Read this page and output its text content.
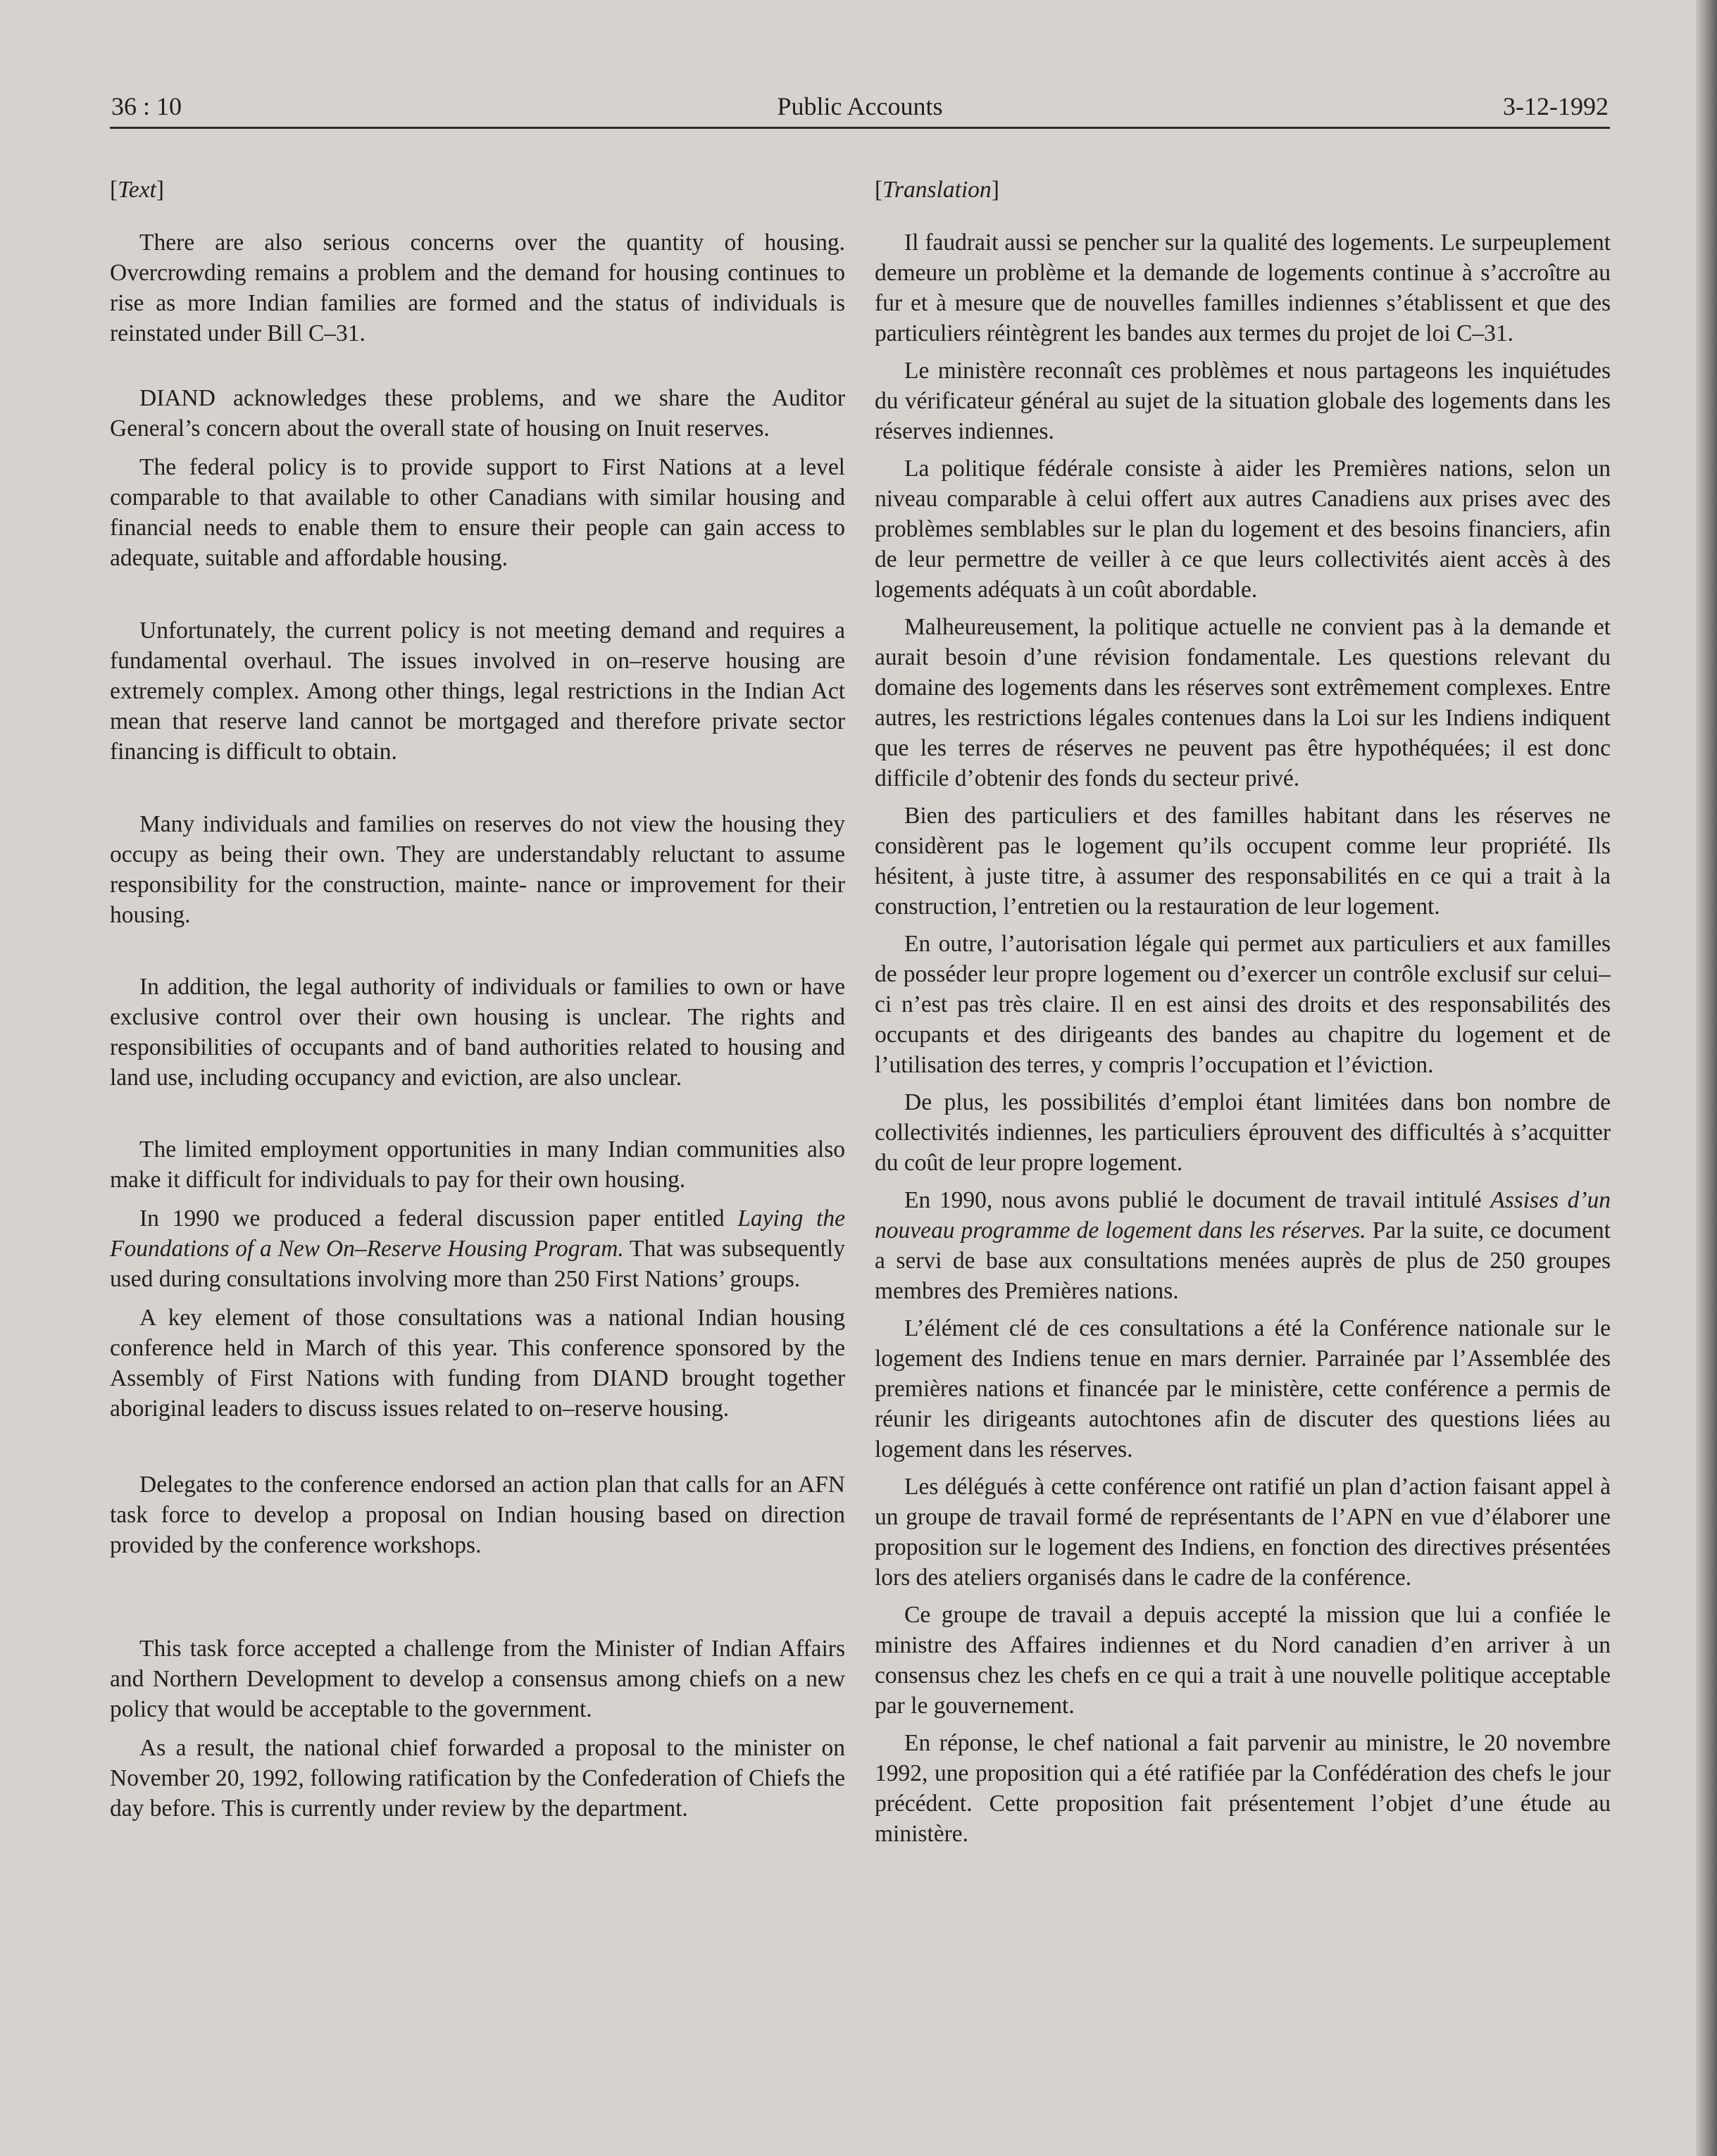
36 : 10	Public Accounts	3-12-1992
[Text]

There are also serious concerns over the quantity of housing. Overcrowding remains a problem and the demand for housing continues to rise as more Indian families are formed and the status of individuals is reinstated under Bill C–31.

DIAND acknowledges these problems, and we share the Auditor General’s concern about the overall state of housing on Inuit reserves.

The federal policy is to provide support to First Nations at a level comparable to that available to other Canadians with similar housing and financial needs to enable them to ensure their people can gain access to adequate, suitable and affordable housing.

Unfortunately, the current policy is not meeting demand and requires a fundamental overhaul. The issues involved in on–reserve housing are extremely complex. Among other things, legal restrictions in the Indian Act mean that reserve land cannot be mortgaged and therefore private sector financing is difficult to obtain.

Many individuals and families on reserves do not view the housing they occupy as being their own. They are understandably reluctant to assume responsibility for the construction, mainte- nance or improvement for their housing.

In addition, the legal authority of individuals or families to own or have exclusive control over their own housing is unclear. The rights and responsibilities of occupants and of band authorities related to housing and land use, including occupancy and eviction, are also unclear.

The limited employment opportunities in many Indian communities also make it difficult for individuals to pay for their own housing.

In 1990 we produced a federal discussion paper entitled Laying the Foundations of a New On–Reserve Housing Program. That was subsequently used during consultations involving more than 250 First Nations’ groups.

A key element of those consultations was a national Indian housing conference held in March of this year. This conference sponsored by the Assembly of First Nations with funding from DIAND brought together aboriginal leaders to discuss issues related to on–reserve housing.

Delegates to the conference endorsed an action plan that calls for an AFN task force to develop a proposal on Indian housing based on direction provided by the conference workshops.

This task force accepted a challenge from the Minister of Indian Affairs and Northern Development to develop a consensus among chiefs on a new policy that would be acceptable to the government.

As a result, the national chief forwarded a proposal to the minister on November 20, 1992, following ratification by the Confederation of Chiefs the day before. This is currently under review by the department.

[Translation]

Il faudrait aussi se pencher sur la qualité des logements. Le surpeuplement demeure un problème et la demande de logements continue à s’accroître au fur et à mesure que de nouvelles familles indiennes s’établissent et que des particuliers réintègrent les bandes aux termes du projet de loi C–31.

Le ministère reconnaît ces problèmes et nous partageons les inquiétudes du vérificateur général au sujet de la situation globale des logements dans les réserves indiennes.

La politique fédérale consiste à aider les Premières nations, selon un niveau comparable à celui offert aux autres Canadiens aux prises avec des problèmes semblables sur le plan du logement et des besoins financiers, afin de leur permettre de veiller à ce que leurs collectivités aient accès à des logements adéquats à un coût abordable.

Malheureusement, la politique actuelle ne convient pas à la demande et aurait besoin d’une révision fondamentale. Les questions relevant du domaine des logements dans les réserves sont extrêmement complexes. Entre autres, les restrictions légales contenues dans la Loi sur les Indiens indiquent que les terres de réserves ne peuvent pas être hypothéquées; il est donc difficile d’obtenir des fonds du secteur privé.

Bien des particuliers et des familles habitant dans les réserves ne considèrent pas le logement qu’ils occupent comme leur propriété. Ils hésitent, à juste titre, à assumer des responsabilités en ce qui a trait à la construction, l’entretien ou la restauration de leur logement.

En outre, l’autorisation légale qui permet aux particuliers et aux familles de posséder leur propre logement ou d’exercer un contrôle exclusif sur celui–ci n’est pas très claire. Il en est ainsi des droits et des responsabilités des occupants et des dirigeants des bandes au chapitre du logement et de l’utilisation des terres, y compris l’occupation et l’éviction.

De plus, les possibilités d’emploi étant limitées dans bon nombre de collectivités indiennes, les particuliers éprouvent des difficultés à s’acquitter du coût de leur propre logement.

En 1990, nous avons publié le document de travail intitulé Assises d’un nouveau programme de logement dans les réserves. Par la suite, ce document a servi de base aux consultations menées auprès de plus de 250 groupes membres des Premières nations.

L’élément clé de ces consultations a été la Conférence nationale sur le logement des Indiens tenue en mars dernier. Parrainée par l’Assemblée des premières nations et financée par le ministère, cette conférence a permis de réunir les dirigeants autochtones afin de discuter des questions liées au logement dans les réserves.

Les délégués à cette conférence ont ratifié un plan d’action faisant appel à un groupe de travail formé de représentants de l’APN en vue d’élaborer une proposition sur le logement des Indiens, en fonction des directives présentées lors des ateliers organisés dans le cadre de la conférence.

Ce groupe de travail a depuis accepté la mission que lui a confiée le ministre des Affaires indiennes et du Nord canadien d’en arriver à un consensus chez les chefs en ce qui a trait à une nouvelle politique acceptable par le gouvernement.

En réponse, le chef national a fait parvenir au ministre, le 20 novembre 1992, une proposition qui a été ratifiée par la Confédération des chefs le jour précédent. Cette proposition fait présentement l’objet d’une étude au ministère.
